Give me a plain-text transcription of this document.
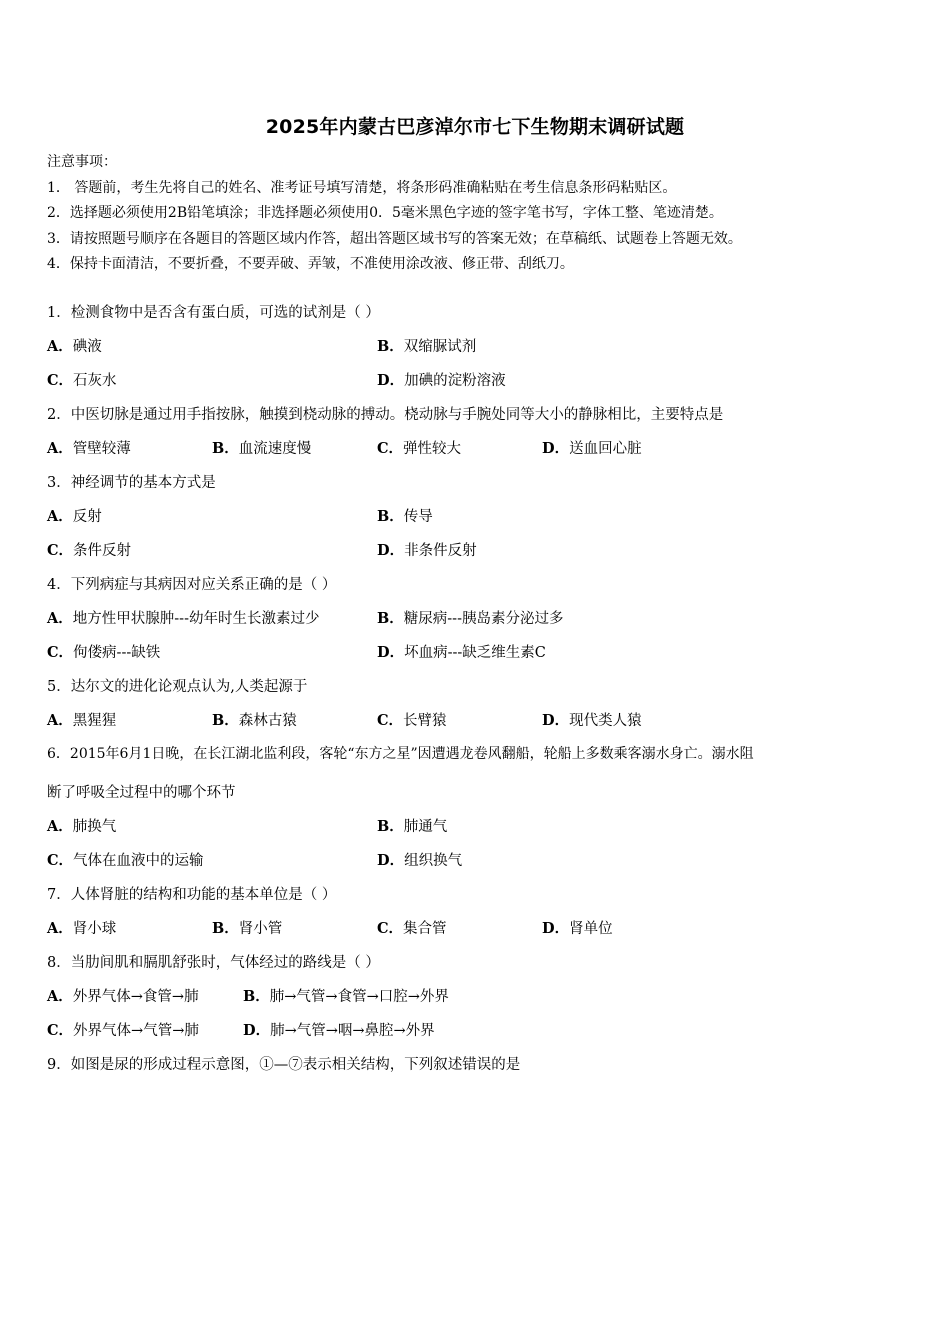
2025年内蒙古巴彦淖尔市七下生物期末调研试题
注意事项：
1． 答题前，考生先将自己的姓名、准考证号填写清楚，将条形码准确粘贴在考生信息条形码粘贴区。
2．选择题必须使用2B铅笔填涂；非选择题必须使用0．5毫米黑色字迹的签字笔书写，字体工整、笔迹清楚。
3．请按照题号顺序在各题目的答题区域内作答，超出答题区域书写的答案无效；在草稿纸、试题卷上答题无效。
4．保持卡面清洁，不要折叠，不要弄破、弄皱，不准使用涂改液、修正带、刮纸刀。
1．检测食物中是否含有蛋白质，可选的试剂是（ ）
A．碘液	B．双缩脲试剂
C．石灰水	D．加碘的淀粉溶液
2．中医切脉是通过用手指按脉，触摸到桡动脉的搏动。桡动脉与手腕处同等大小的静脉相比，主要特点是
A．管壁较薄	B．血流速度慢	C．弹性较大	D．送血回心脏
3．神经调节的基本方式是
A．反射	B．传导
C．条件反射	D．非条件反射
4．下列病症与其病因对应关系正确的是（ ）
A．地方性甲状腺肿---幼年时生长激素过少	B．糖尿病---胰岛素分泌过多
C．佝偻病---缺铁	D．坏血病---缺乏维生素C
5．达尔文的进化论观点认为,人类起源于
A．黑猩猩	B．森林古猿	C．长臂猿	D．现代类人猿
6．2015年6月1日晚，在长江湖北监利段，客轮“东方之星”因遭遇龙卷风翻船，轮船上多数乘客溺水身亡。溺水阻
断了呼吸全过程中的哪个环节
A．肺换气	B．肺通气
C．气体在血液中的运输	D．组织换气
7．人体肾脏的结构和功能的基本单位是（ ）
A．肾小球	B．肾小管	C．集合管	D．肾单位
8．当肋间肌和膈肌舒张时，气体经过的路线是（ ）
A．外界气体→食管→肺	B．肺→气管→食管→口腔→外界
C．外界气体→气管→肺	D．肺→气管→咽→鼻腔→外界
9．如图是尿的形成过程示意图，①—⑦表示相关结构，下列叙述错误的是
